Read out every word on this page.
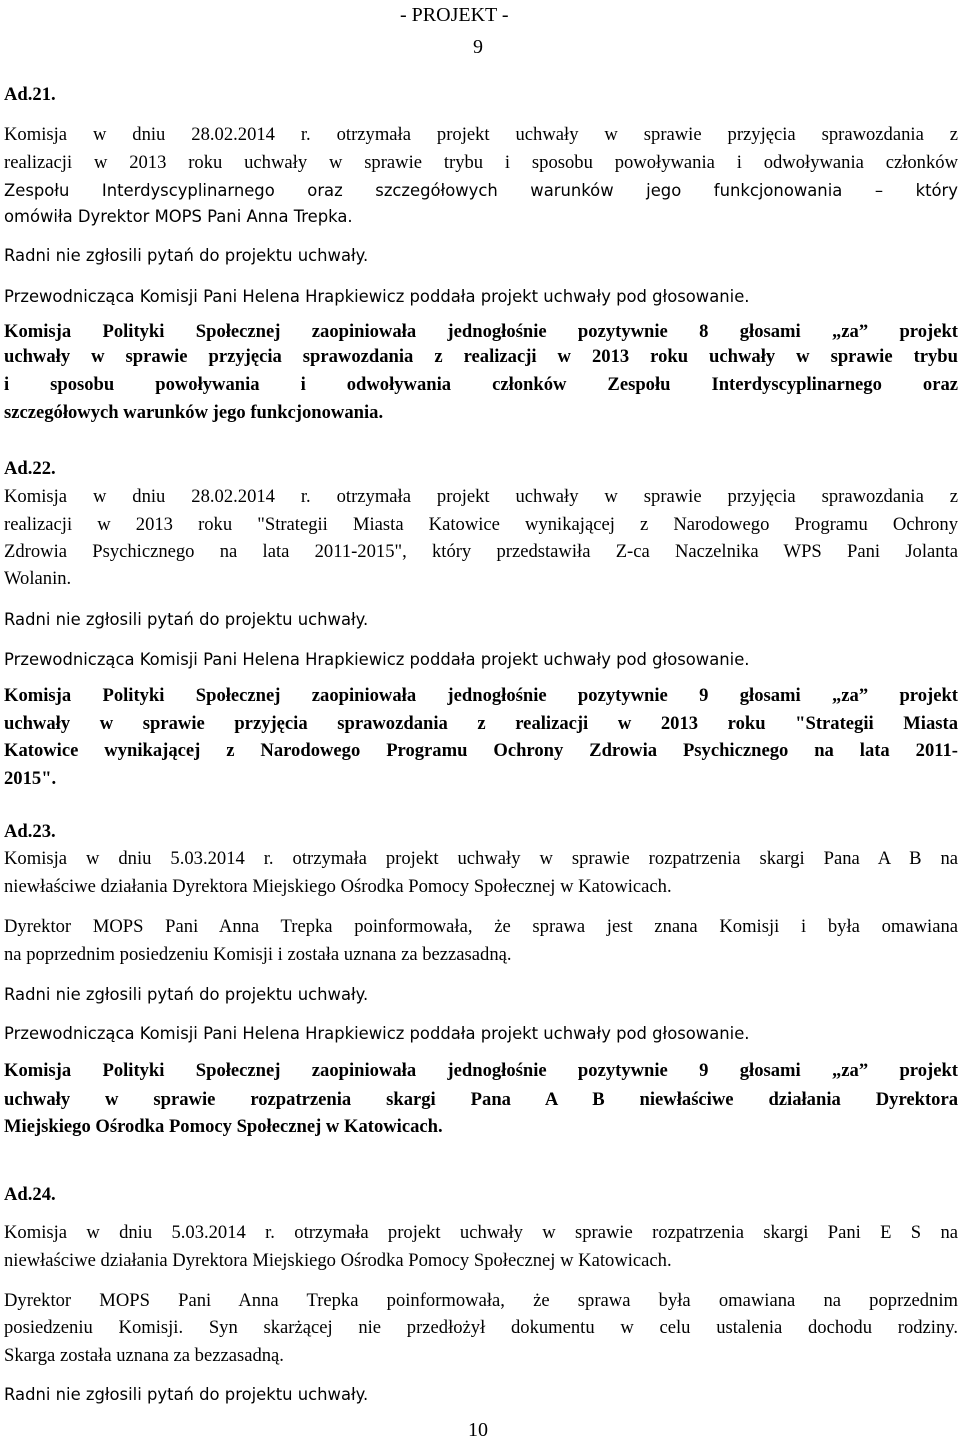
- PROJEKT -
9
Ad.21.
Komisja w dniu 28.02.2014 r. otrzymała projekt uchwały w sprawie przyjęcia sprawozdania z
realizacji w 2013 roku uchwały w sprawie trybu i sposobu powoływania i odwoływania członków
Zespołu Interdyscyplinarnego oraz szczegółowych warunków jego funkcjonowania – który
omówiła Dyrektor MOPS Pani Anna Trepka.
Radni nie zgłosili pytań do projektu uchwały.
Przewodnicząca Komisji Pani Helena Hrapkiewicz poddała projekt uchwały pod głosowanie.
Komisja Polityki Społecznej zaopiniowała jednogłośnie pozytywnie 8 głosami „za” projekt
uchwały w sprawie przyjęcia sprawozdania z realizacji w 2013 roku uchwały w sprawie trybu
i sposobu powoływania i odwoływania członków Zespołu Interdyscyplinarnego oraz
szczegółowych warunków jego funkcjonowania.
Ad.22.
Komisja w dniu 28.02.2014 r. otrzymała projekt uchwały w sprawie przyjęcia sprawozdania z
realizacji w 2013 roku "Strategii Miasta Katowice wynikającej z Narodowego Programu Ochrony
Zdrowia Psychicznego na lata 2011-2015", który przedstawiła Z-ca Naczelnika WPS Pani Jolanta
Wolanin.
Radni nie zgłosili pytań do projektu uchwały.
Przewodnicząca Komisji Pani Helena Hrapkiewicz poddała projekt uchwały pod głosowanie.
Komisja Polityki Społecznej zaopiniowała jednogłośnie pozytywnie 9 głosami „za” projekt
uchwały w sprawie przyjęcia sprawozdania z realizacji w 2013 roku "Strategii Miasta
Katowice wynikającej z Narodowego Programu Ochrony Zdrowia Psychicznego na lata 2011-
2015".
Ad.23.
Komisja w dniu 5.03.2014 r. otrzymała projekt uchwały w sprawie rozpatrzenia skargi Pana A B na
niewłaściwe działania Dyrektora Miejskiego Ośrodka Pomocy Społecznej w Katowicach.
Dyrektor MOPS Pani Anna Trepka poinformowała, że sprawa jest znana Komisji i była omawiana
na poprzednim posiedzeniu Komisji i została uznana za bezzasadną.
Radni nie zgłosili pytań do projektu uchwały.
Przewodnicząca Komisji Pani Helena Hrapkiewicz poddała projekt uchwały pod głosowanie.
Komisja Polityki Społecznej zaopiniowała jednogłośnie pozytywnie 9 głosami „za” projekt
uchwały w sprawie rozpatrzenia skargi Pana A B niewłaściwe działania Dyrektora
Miejskiego Ośrodka Pomocy Społecznej w Katowicach.
Ad.24.
Komisja w dniu 5.03.2014 r. otrzymała projekt uchwały w sprawie rozpatrzenia skargi Pani E S na
niewłaściwe działania Dyrektora Miejskiego Ośrodka Pomocy Społecznej w Katowicach.
Dyrektor MOPS Pani Anna Trepka poinformowała, że sprawa była omawiana na poprzednim
posiedzeniu Komisji. Syn skarżącej nie przedłożył dokumentu w celu ustalenia dochodu rodziny.
Skarga została uznana za bezzasadną.
Radni nie zgłosili pytań do projektu uchwały.
10
